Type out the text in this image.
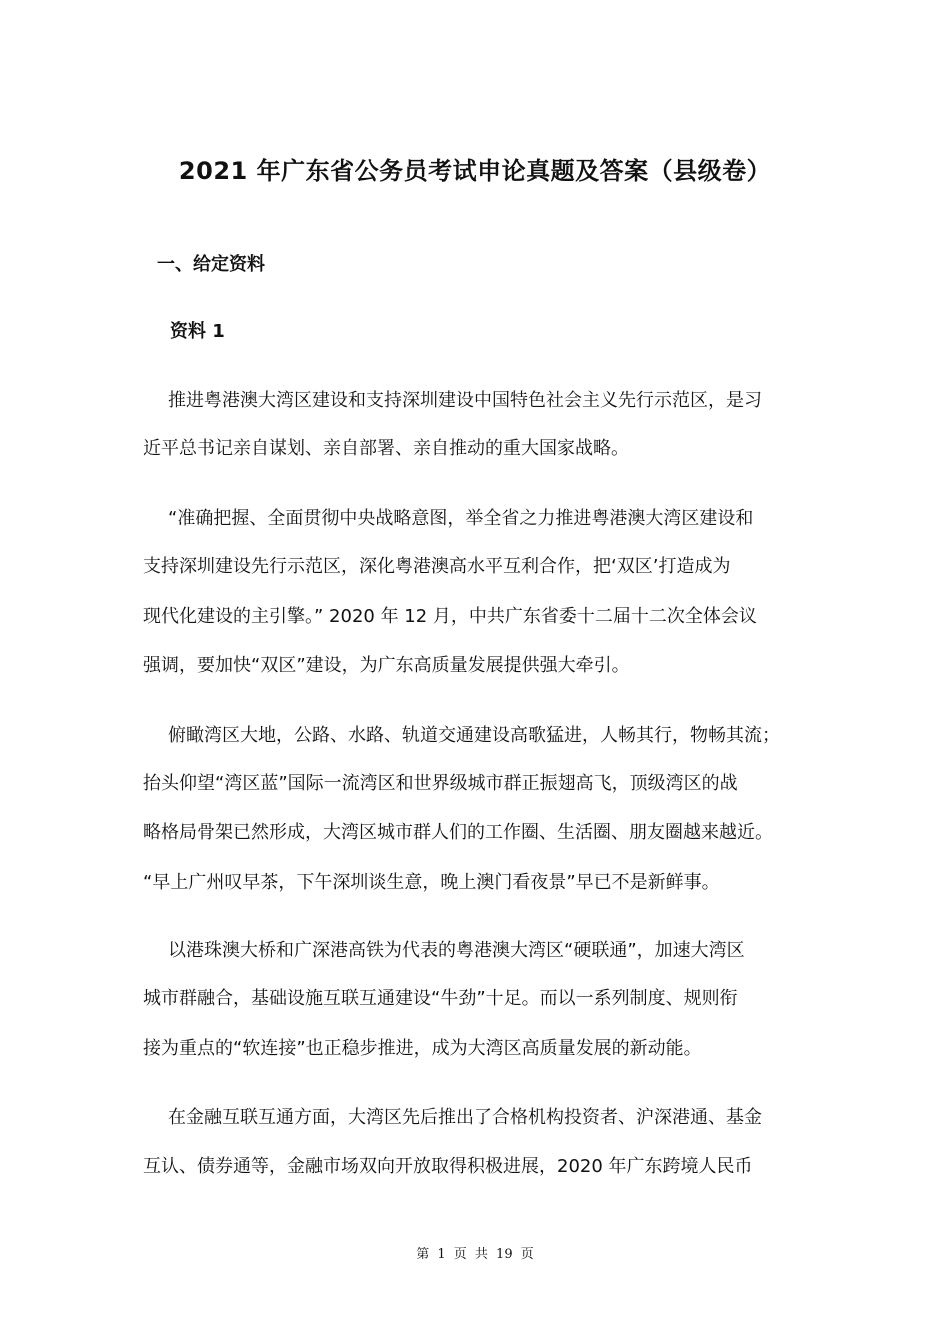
2021 年广东省公务员考试申论真题及答案（县级卷）
一、给定资料
资料 1
推进粤港澳大湾区建设和支持深圳建设中国特色社会主义先行示范区，是习
近平总书记亲自谋划、亲自部署、亲自推动的重大国家战略。
“准确把握、全面贯彻中央战略意图，举全省之力推进粤港澳大湾区建设和
支持深圳建设先行示范区，深化粤港澳高水平互利合作，把‘双区’打造成为
现代化建设的主引擎。” 2020 年 12 月，中共广东省委十二届十二次全体会议
强调，要加快“双区”建设，为广东高质量发展提供强大牵引。
俯瞰湾区大地，公路、水路、轨道交通建设高歌猛进，人畅其行，物畅其流；
抬头仰望“湾区蓝”国际一流湾区和世界级城市群正振翅高飞，顶级湾区的战
略格局骨架已然形成，大湾区城市群人们的工作圈、生活圈、朋友圈越来越近。
“早上广州叹早茶，下午深圳谈生意，晚上澳门看夜景”早已不是新鲜事。
以港珠澳大桥和广深港高铁为代表的粤港澳大湾区“硬联通”，加速大湾区
城市群融合，基础设施互联互通建设“牛劲”十足。而以一系列制度、规则衔
接为重点的“软连接”也正稳步推进，成为大湾区高质量发展的新动能。
在金融互联互通方面，大湾区先后推出了合格机构投资者、沪深港通、基金
互认、债券通等，金融市场双向开放取得积极进展，2020 年广东跨境人民币
第 1 页 共 19 页
